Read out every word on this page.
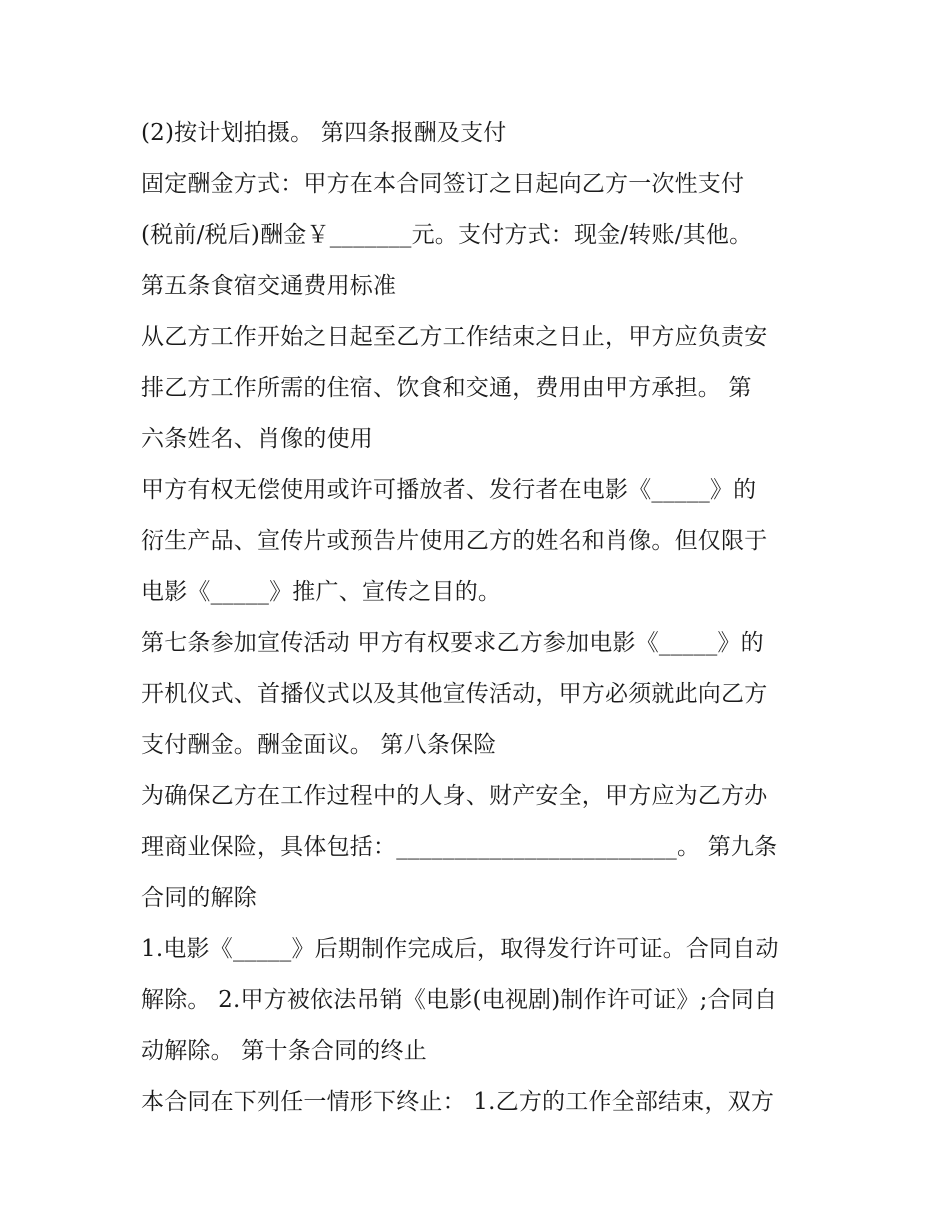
(2)按计划拍摄。 第四条报酬及支付
固定酬金方式：甲方在本合同签订之日起向乙方一次性支付
(税前/税后)酬金￥_______元。支付方式：现金/转账/其他。
第五条食宿交通费用标准
从乙方工作开始之日起至乙方工作结束之日止，甲方应负责安
排乙方工作所需的住宿、饮食和交通，费用由甲方承担。 第
六条姓名、肖像的使用
甲方有权无偿使用或许可播放者、发行者在电影《_____》的
衍生产品、宣传片或预告片使用乙方的姓名和肖像。但仅限于
电影《_____》推广、宣传之目的。
第七条参加宣传活动 甲方有权要求乙方参加电影《_____》的
开机仪式、首播仪式以及其他宣传活动，甲方必须就此向乙方
支付酬金。酬金面议。 第八条保险
为确保乙方在工作过程中的人身、财产安全，甲方应为乙方办
理商业保险，具体包括：________________________。 第九条
合同的解除
1.电影《_____》后期制作完成后，取得发行许可证。合同自动
解除。 2.甲方被依法吊销《电影(电视剧)制作许可证》;合同自
动解除。 第十条合同的终止
本合同在下列任一情形下终止： 1.乙方的工作全部结束，双方
